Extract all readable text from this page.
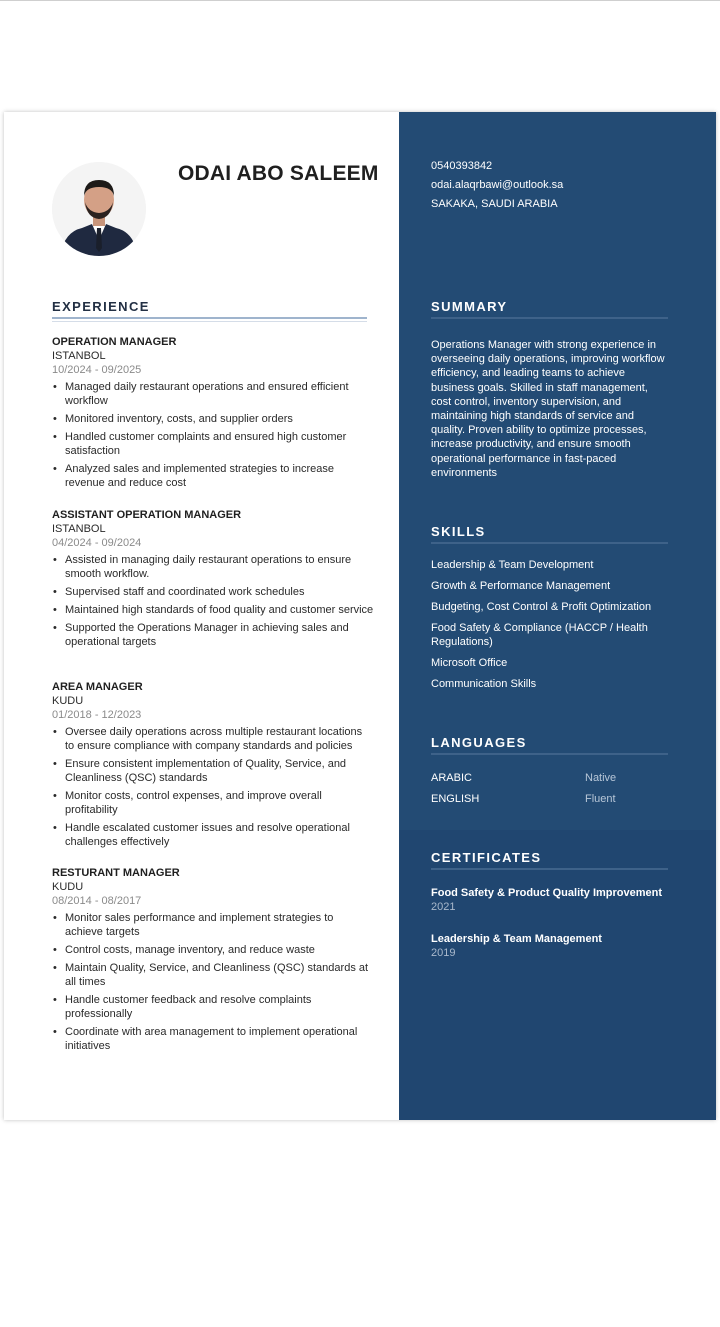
ODAI ABO SALEEM
EXPERIENCE
OPERATION MANAGER
ISTANBOL
10/2024 - 09/2025
• Managed daily restaurant operations and ensured efficient workflow
• Monitored inventory, costs, and supplier orders
• Handled customer complaints and ensured high customer satisfaction
• Analyzed sales and implemented strategies to increase revenue and reduce cost
ASSISTANT OPERATION MANAGER
ISTANBOL
04/2024 - 09/2024
• Assisted in managing daily restaurant operations to ensure smooth workflow.
• Supervised staff and coordinated work schedules
• Maintained high standards of food quality and customer service
• Supported the Operations Manager in achieving sales and operational targets
AREA MANAGER
KUDU
01/2018 - 12/2023
• Oversee daily operations across multiple restaurant locations to ensure compliance with company standards and policies
• Ensure consistent implementation of Quality, Service, and Cleanliness (QSC) standards
• Monitor costs, control expenses, and improve overall profitability
• Handle escalated customer issues and resolve operational challenges effectively
RESTURANT MANAGER
KUDU
08/2014 - 08/2017
• Monitor sales performance and implement strategies to achieve targets
• Control costs, manage inventory, and reduce waste
• Maintain Quality, Service, and Cleanliness (QSC) standards at all times
• Handle customer feedback and resolve complaints professionally
• Coordinate with area management to implement operational initiatives
0540393842
odai.alaqrbawi@outlook.sa
SAKAKA, SAUDI ARABIA
SUMMARY
Operations Manager with strong experience in overseeing daily operations, improving workflow efficiency, and leading teams to achieve business goals. Skilled in staff management, cost control, inventory supervision, and maintaining high standards of service and quality. Proven ability to optimize processes, increase productivity, and ensure smooth operational performance in fast-paced environments
SKILLS
Leadership & Team Development
Growth & Performance Management
Budgeting, Cost Control & Profit Optimization
Food Safety & Compliance (HACCP / Health Regulations)
Microsoft Office
Communication Skills
LANGUAGES
ARABIC	Native
ENGLISH	Fluent
CERTIFICATES
Food Safety & Product Quality Improvement
2021
Leadership & Team Management
2019
